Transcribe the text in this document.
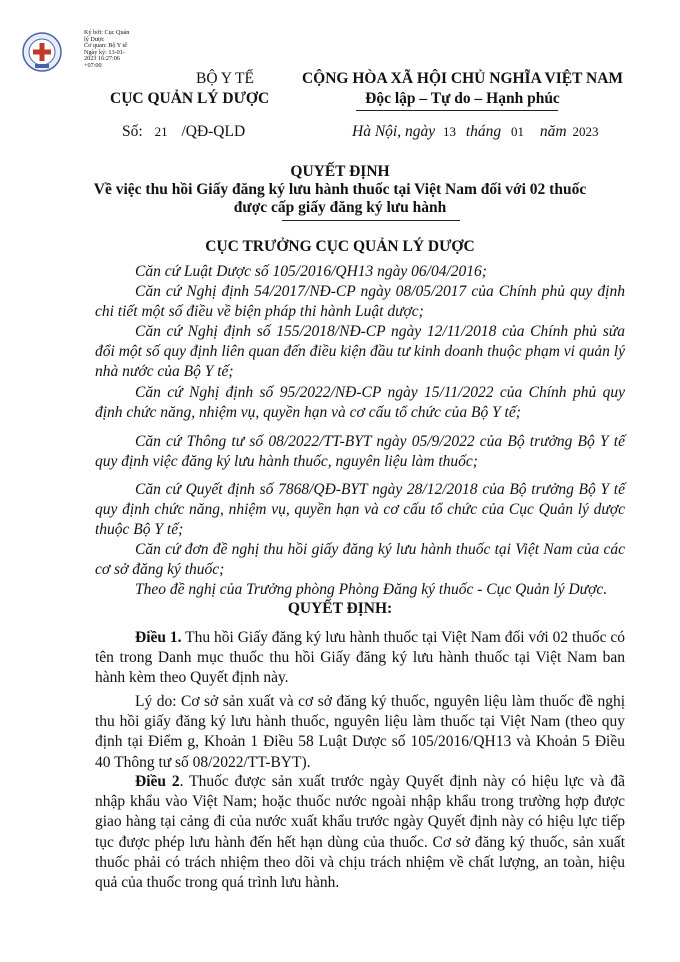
Ký bởi: Cục Quản
lý Dược
Cơ quan: Bộ Y tế
Ngày ký: 13-01-
2023 16:27:06
+07:00
BỘ Y TẾ
CỤC QUẢN LÝ DƯỢC
CỘNG HÒA XÃ HỘI CHỦ NGHĨA VIỆT NAM
Độc lập – Tự do – Hạnh phúc
Số: 21 /QĐ-QLD	Hà Nội, ngày 13 tháng 01 năm 2023
QUYẾT ĐỊNH
Về việc thu hồi Giấy đăng ký lưu hành thuốc tại Việt Nam đối với 02 thuốc
được cấp giấy đăng ký lưu hành
CỤC TRƯỞNG CỤC QUẢN LÝ DƯỢC
Căn cứ Luật Dược số 105/2016/QH13 ngày 06/04/2016;
Căn cứ Nghị định 54/2017/NĐ-CP ngày 08/05/2017 của Chính phủ quy định chi tiết một số điều về biện pháp thi hành Luật dược;
Căn cứ Nghị định số 155/2018/NĐ-CP ngày 12/11/2018 của Chính phủ sửa đổi một số quy định liên quan đến điều kiện đầu tư kinh doanh thuộc phạm vi quản lý nhà nước của Bộ Y tế;
Căn cứ Nghị định số 95/2022/NĐ-CP ngày 15/11/2022 của Chính phủ quy định chức năng, nhiệm vụ, quyền hạn và cơ cấu tổ chức của Bộ Y tế;
Căn cứ Thông tư số 08/2022/TT-BYT ngày 05/9/2022 của Bộ trưởng Bộ Y tế quy định việc đăng ký lưu hành thuốc, nguyên liệu làm thuốc;
Căn cứ Quyết định số 7868/QĐ-BYT ngày 28/12/2018 của Bộ trưởng Bộ Y tế quy định chức năng, nhiệm vụ, quyền hạn và cơ cấu tổ chức của Cục Quản lý dược thuộc Bộ Y tế;
Căn cứ đơn đề nghị thu hồi giấy đăng ký lưu hành thuốc tại Việt Nam của các cơ sở đăng ký thuốc;
Theo đề nghị của Trưởng phòng Phòng Đăng ký thuốc - Cục Quản lý Dược.
QUYẾT ĐỊNH:
Điều 1. Thu hồi Giấy đăng ký lưu hành thuốc tại Việt Nam đối với 02 thuốc có tên trong Danh mục thuốc thu hồi Giấy đăng ký lưu hành thuốc tại Việt Nam ban hành kèm theo Quyết định này.
Lý do: Cơ sở sản xuất và cơ sở đăng ký thuốc, nguyên liệu làm thuốc đề nghị thu hồi giấy đăng ký lưu hành thuốc, nguyên liệu làm thuốc tại Việt Nam (theo quy định tại Điểm g, Khoản 1 Điều 58 Luật Dược số 105/2016/QH13 và Khoản 5 Điều 40 Thông tư số 08/2022/TT-BYT).
Điều 2. Thuốc được sản xuất trước ngày Quyết định này có hiệu lực và đã nhập khẩu vào Việt Nam; hoặc thuốc nước ngoài nhập khẩu trong trường hợp được giao hàng tại cảng đi của nước xuất khẩu trước ngày Quyết định này có hiệu lực tiếp tục được phép lưu hành đến hết hạn dùng của thuốc. Cơ sở đăng ký thuốc, sản xuất thuốc phải có trách nhiệm theo dõi và chịu trách nhiệm về chất lượng, an toàn, hiệu quả của thuốc trong quá trình lưu hành.
